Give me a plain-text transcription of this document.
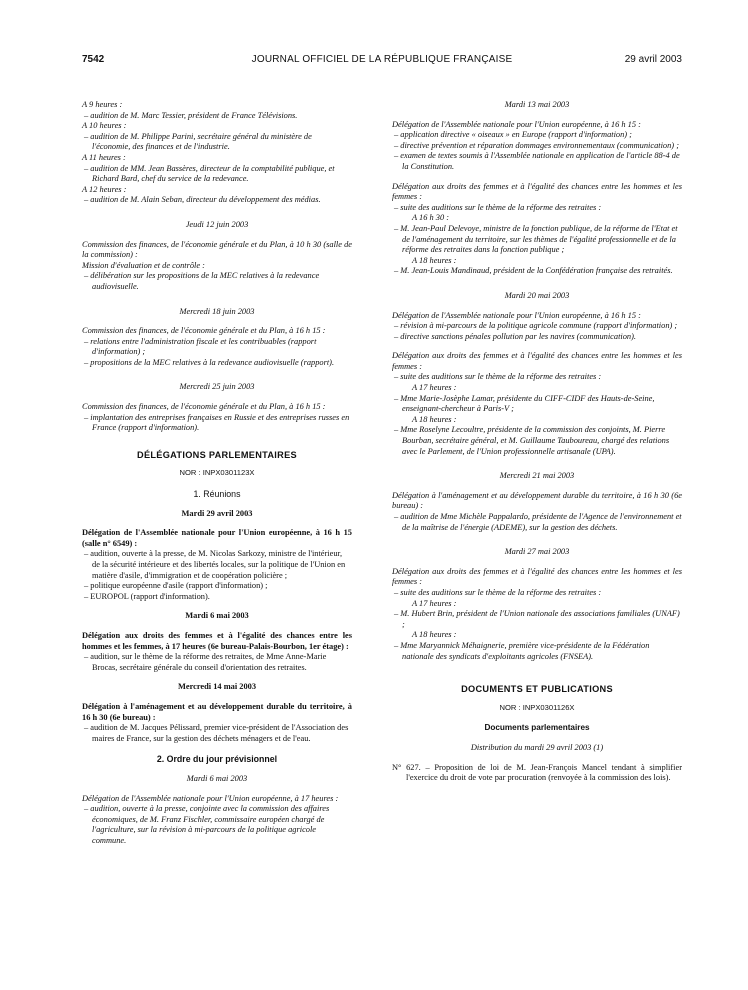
7542	JOURNAL OFFICIEL DE LA RÉPUBLIQUE FRANÇAISE	29 avril 2003

A 9 heures :

– audition de M. Marc Tessier, président de France Télévisions.

A 10 heures :

– audition de M. Philippe Parini, secrétaire général du ministère de l'économie, des finances et de l'industrie.

A 11 heures :

– audition de MM. Jean Bassères, directeur de la comptabilité publique, et Richard Bard, chef du service de la redevance.

A 12 heures :

– audition de M. Alain Seban, directeur du développement des médias.

Jeudi 12 juin 2003

Commission des finances, de l'économie générale et du Plan, à 10 h 30 (salle de la commission) :

Mission d'évaluation et de contrôle :

– délibération sur les propositions de la MEC relatives à la redevance audiovisuelle.

Mercredi 18 juin 2003

Commission des finances, de l'économie générale et du Plan, à 16 h 15 :

– relations entre l'administration fiscale et les contribuables (rapport d'information) ;

– propositions de la MEC relatives à la redevance audiovisuelle (rapport).

Mercredi 25 juin 2003

Commission des finances, de l'économie générale et du Plan, à 16 h 15 :

– implantation des entreprises françaises en Russie et des entreprises russes en France (rapport d'information).

DÉLÉGATIONS PARLEMENTAIRES

NOR : INPX0301123X

1. Réunions

Mardi 29 avril 2003

Délégation de l'Assemblée nationale pour l'Union européenne, à 16 h 15 (salle n° 6549) :

– audition, ouverte à la presse, de M. Nicolas Sarkozy, ministre de l'intérieur, de la sécurité intérieure et des libertés locales, sur la politique de l'Union en matière d'asile, d'immigration et de coopération policière ;

– politique européenne d'asile (rapport d'information) ;

– EUROPOL (rapport d'information).

Mardi 6 mai 2003

Délégation aux droits des femmes et à l'égalité des chances entre les hommes et les femmes, à 17 heures (6e bureau-Palais-Bourbon, 1er étage) :

– audition, sur le thème de la réforme des retraites, de Mme Anne-Marie Brocas, secrétaire générale du conseil d'orientation des retraites.

Mercredi 14 mai 2003

Délégation à l'aménagement et au développement durable du territoire, à 16 h 30 (6e bureau) :

– audition de M. Jacques Pélissard, premier vice-président de l'Association des maires de France, sur la gestion des déchets ménagers et de l'eau.

2. Ordre du jour prévisionnel

Mardi 6 mai 2003

Délégation de l'Assemblée nationale pour l'Union européenne, à 17 heures :

– audition, ouverte à la presse, conjointe avec la commission des affaires économiques, de M. Franz Fischler, commissaire européen chargé de l'agriculture, sur la révision à mi-parcours de la politique agricole commune.

Mardi 13 mai 2003

Délégation de l'Assemblée nationale pour l'Union européenne, à 16 h 15 :

– application directive « oiseaux » en Europe (rapport d'information) ;

– directive prévention et réparation dommages environnementaux (communication) ;

– examen de textes soumis à l'Assemblée nationale en application de l'article 88-4 de la Constitution.

Délégation aux droits des femmes et à l'égalité des chances entre les hommes et les femmes :

– suite des auditions sur le thème de la réforme des retraites :

A 16 h 30 :

– M. Jean-Paul Delevoye, ministre de la fonction publique, de la réforme de l'Etat et de l'aménagement du territoire, sur les thèmes de l'égalité professionnelle et de la réforme des retraites dans la fonction publique ;

A 18 heures :

– M. Jean-Louis Mandinaud, président de la Confédération française des retraités.

Mardi 20 mai 2003

Délégation de l'Assemblée nationale pour l'Union européenne, à 16 h 15 :

– révision à mi-parcours de la politique agricole commune (rapport d'information) ;

– directive sanctions pénales pollution par les navires (communication).

Délégation aux droits des femmes et à l'égalité des chances entre les hommes et les femmes :

– suite des auditions sur le thème de la réforme des retraites :

A 17 heures :

– Mme Marie-Josèphe Lamar, présidente du CIFF-CIDF des Hauts-de-Seine, enseignant-chercheur à Paris-V ;

A 18 heures :

– Mme Roselyne Lecoultre, présidente de la commission des conjoints, M. Pierre Bourban, secrétaire général, et M. Guillaume Tauboureau, chargé des relations avec le Parlement, de l'Union professionnelle artisanale (UPA).

Mercredi 21 mai 2003

Délégation à l'aménagement et au développement durable du territoire, à 16 h 30 (6e bureau) :

– audition de Mme Michèle Pappalardo, présidente de l'Agence de l'environnement et de la maîtrise de l'énergie (ADEME), sur la gestion des déchets.

Mardi 27 mai 2003

Délégation aux droits des femmes et à l'égalité des chances entre les hommes et les femmes :

– suite des auditions sur le thème de la réforme des retraites :

A 17 heures :

– M. Hubert Brin, président de l'Union nationale des associations familiales (UNAF) ;

A 18 heures :

– Mme Maryannick Méhaignerie, première vice-présidente de la Fédération nationale des syndicats d'exploitants agricoles (FNSEA).

DOCUMENTS ET PUBLICATIONS

NOR : INPX0301126X

Documents parlementaires

Distribution du mardi 29 avril 2003 (1)

N° 627. – Proposition de loi de M. Jean-François Mancel tendant à simplifier l'exercice du droit de vote par procuration (renvoyée à la commission des lois).
